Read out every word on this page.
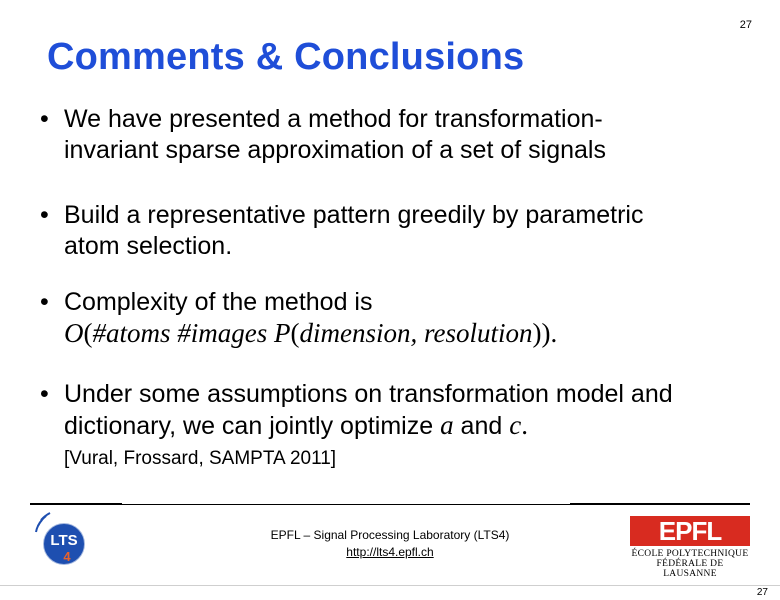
27
Comments & Conclusions
• We have presented a method for transformation-
invariant sparse approximation of a set of signals
• Build a representative pattern greedily by parametric
atom selection.
• Complexity of the method is
O(#atoms #images P(dimension, resolution)).
• Under some assumptions on transformation model and
dictionary, we can jointly optimize a and c.
[Vural, Frossard, SAMPTA 2011]
EPFL – Signal Processing Laboratory (LTS4)
http://lts4.epfl.ch
LTS
4
EPFL
ÉCOLE POLYTECHNIQUE
FÉDÉRALE DE LAUSANNE
27
